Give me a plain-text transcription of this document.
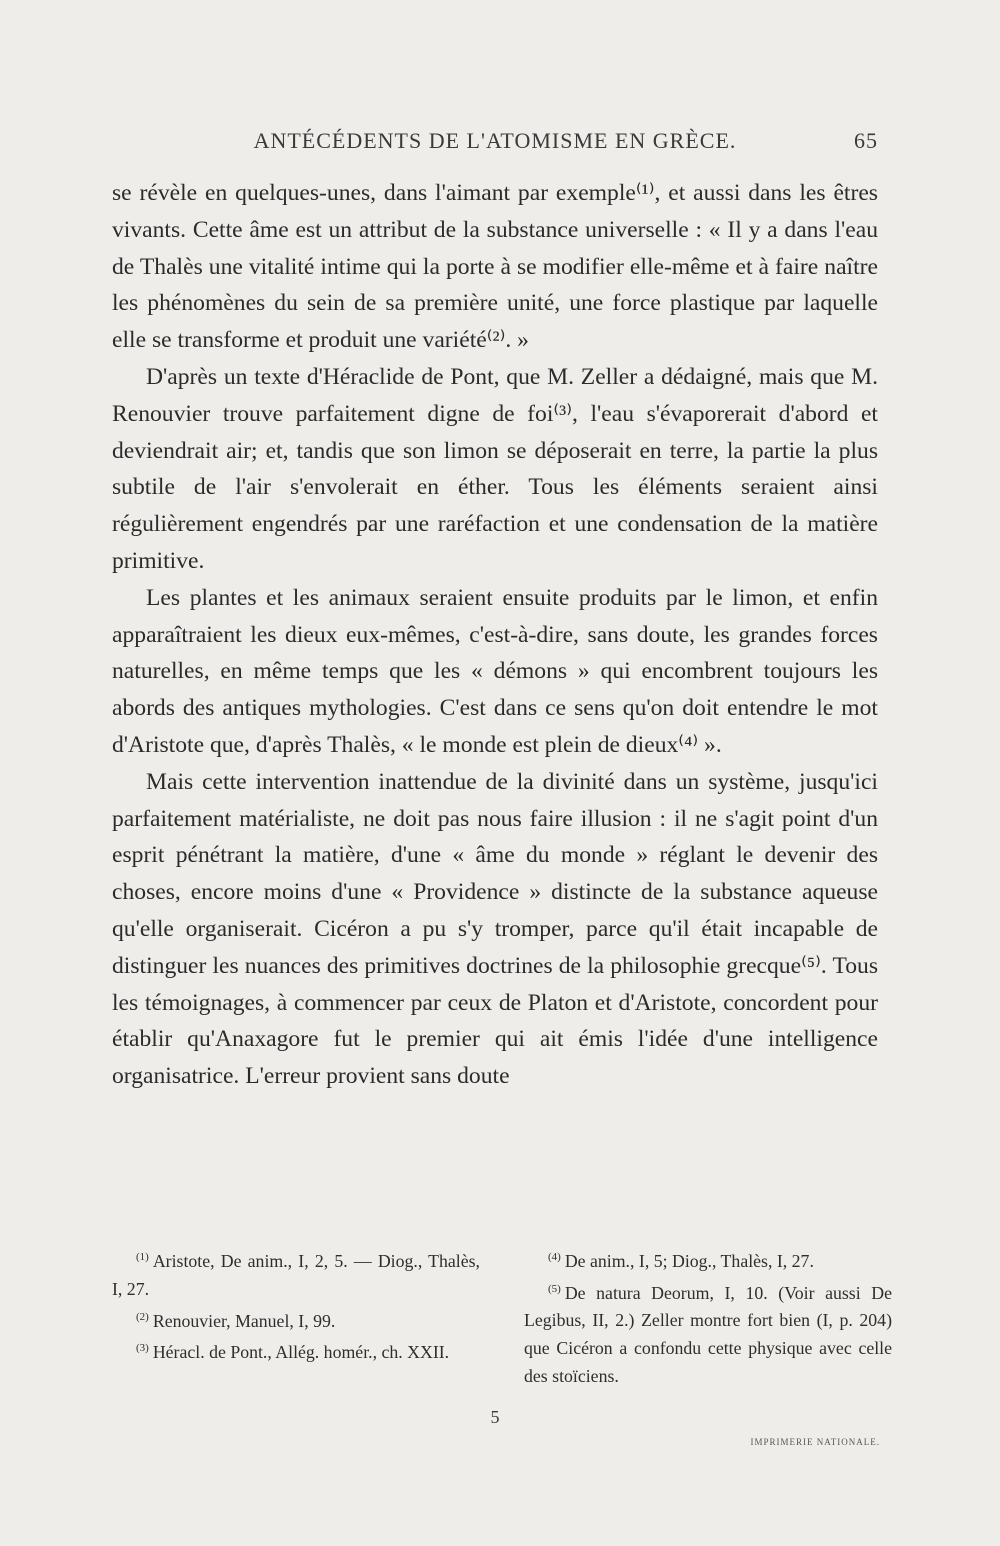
ANTÉCÉDENTS DE L'ATOMISME EN GRÈCE.	65

se révèle en quelques-unes, dans l'aimant par exemple⁽¹⁾, et aussi dans les êtres vivants. Cette âme est un attribut de la substance universelle : « Il y a dans l'eau de Thalès une vitalité intime qui la porte à se modifier elle-même et à faire naître les phénomènes du sein de sa première unité, une force plastique par laquelle elle se transforme et produit une variété⁽²⁾. »

D'après un texte d'Héraclide de Pont, que M. Zeller a dédaigné, mais que M. Renouvier trouve parfaitement digne de foi⁽³⁾, l'eau s'évaporerait d'abord et deviendrait air; et, tandis que son limon se déposerait en terre, la partie la plus subtile de l'air s'envolerait en éther. Tous les éléments seraient ainsi régulièrement engendrés par une raréfaction et une condensation de la matière primitive.

Les plantes et les animaux seraient ensuite produits par le limon, et enfin apparaîtraient les dieux eux-mêmes, c'est-à-dire, sans doute, les grandes forces naturelles, en même temps que les « démons » qui encombrent toujours les abords des antiques mythologies. C'est dans ce sens qu'on doit entendre le mot d'Aristote que, d'après Thalès, « le monde est plein de dieux⁽⁴⁾ ».

Mais cette intervention inattendue de la divinité dans un système, jusqu'ici parfaitement matérialiste, ne doit pas nous faire illusion : il ne s'agit point d'un esprit pénétrant la matière, d'une « âme du monde » réglant le devenir des choses, encore moins d'une « Providence » distincte de la substance aqueuse qu'elle organiserait. Cicéron a pu s'y tromper, parce qu'il était incapable de distinguer les nuances des primitives doctrines de la philosophie grecque⁽⁵⁾. Tous les témoignages, à commencer par ceux de Platon et d'Aristote, concordent pour établir qu'Anaxagore fut le premier qui ait émis l'idée d'une intelligence organisatrice. L'erreur provient sans doute

$^{(1)}$ Aristote, De anim., I, 2, 5. — Diog., Thalès, I, 27.

$^{(2)}$ Renouvier, Manuel, I, 99.

$^{(3)}$ Héracl. de Pont., Allég. homér., ch. XXII.

$^{(4)}$ De anim., I, 5; Diog., Thalès, I, 27.

$^{(5)}$ De natura Deorum, I, 10. (Voir aussi De Legibus, II, 2.) Zeller montre fort bien (I, p. 204) que Cicéron a confondu cette physique avec celle des stoïciens.

5
IMPRIMERIE NATIONALE.
